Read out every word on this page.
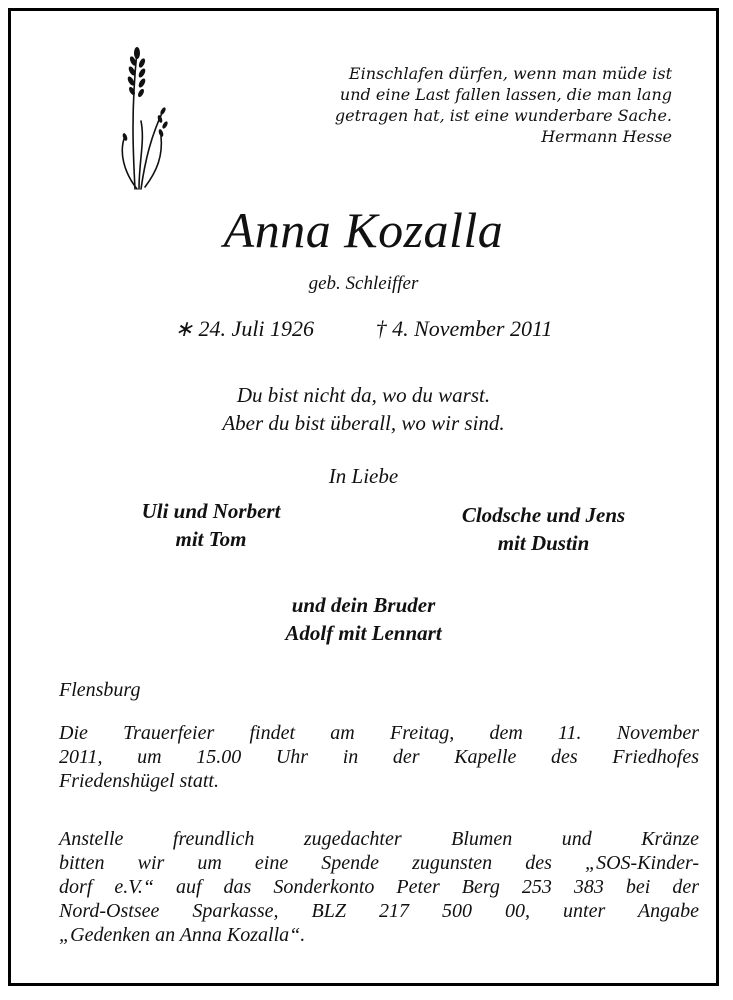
Einschlafen dürfen, wenn man müde ist
und eine Last fallen lassen, die man lang
getragen hat, ist eine wunderbare Sache.
Hermann Hesse
Anna Kozalla
geb. Schleiffer
∗ 24. Juli 1926	† 4. November 2011
Du bist nicht da, wo du warst.
Aber du bist überall, wo wir sind.
In Liebe
Uli und Norbert
mit Tom
Clodsche und Jens
mit Dustin
und dein Bruder
Adolf mit Lennart
Flensburg
Die Trauerfeier findet am Freitag, dem 11. November
2011, um 15.00 Uhr in der Kapelle des Friedhofes
Friedenshügel statt.
Anstelle freundlich zugedachter Blumen und Kränze
bitten wir um eine Spende zugunsten des „SOS-Kinder-
dorf e.V.“ auf das Sonderkonto Peter Berg 253 383 bei der
Nord-Ostsee Sparkasse, BLZ 217 500 00, unter Angabe
„Gedenken an Anna Kozalla“.
